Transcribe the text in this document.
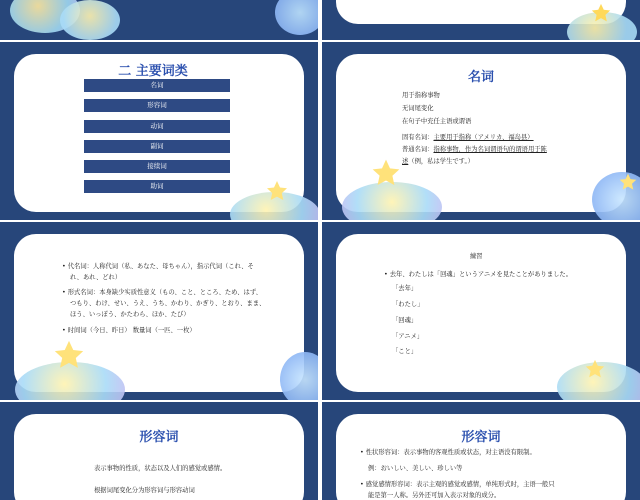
二 主要词类
名词
形容词
动词
副词
接续词
助词
名词
用于指称事物
无词尾变化
在句子中充任主语或谓语
固有名词：主要用于指称（アメリカ、福岛县）
普通名词：指称事物，作为名词谓语句的谓语用于陈
述（例，私は学生です。）
• 代名词：人称代词（私、あなた、母ちゃん），指示代词（これ、そ
れ、あれ、どれ）
• 形式名词：本身缺少实质性意义（もの、こと、ところ、ため、はず、
つもり、わけ、せい、うえ、うち、かわり、かぎり、とおり、まま、
ほう、いっぽう、かたわら、ほか、たび）
• 时间词（今日、昨日） 数量词（一匹、一枚）
練習
• 去年、わたしは「回魂」というアニメを見たことがありました。
「去年」
「わたし」
「回魂」
「アニメ」
「こと」
形容词
表示事物的性质，状态以及人们的感觉或感情。
根据词尾变化分为形容词与形容动词
形容词
• 性状形容词：表示事物的客观性质或状态，对主语没有限制。
例：おいしい、美しい、珍しい等
• 感觉感情形容词：表示主观的感觉或感情，单纯形式时，主语一般只
能是第一人称。另外还可加入表示对象的成分。
